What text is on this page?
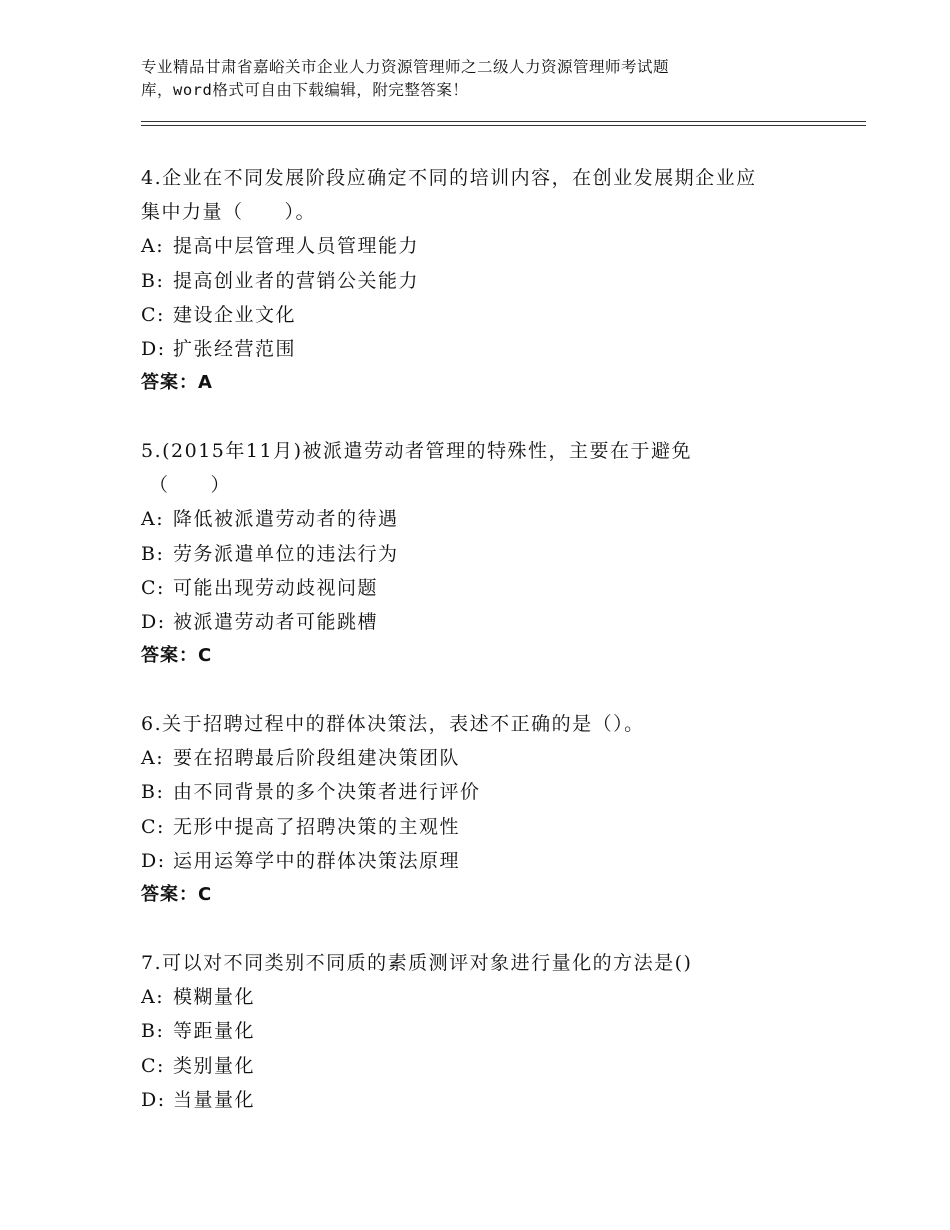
专业精品甘肃省嘉峪关市企业人力资源管理师之二级人力资源管理师考试题
库，word格式可自由下载编辑，附完整答案！
4.企业在不同发展阶段应确定不同的培训内容，在创业发展期企业应
集中力量（　　）。
A: 提高中层管理人员管理能力
B: 提高创业者的营销公关能力
C: 建设企业文化
D: 扩张经营范围
答案：A
5.(2015年11月)被派遣劳动者管理的特殊性，主要在于避免
（　　）
A: 降低被派遣劳动者的待遇
B: 劳务派遣单位的违法行为
C: 可能出现劳动歧视问题
D: 被派遣劳动者可能跳槽
答案：C
6.关于招聘过程中的群体决策法，表述不正确的是（）。
A: 要在招聘最后阶段组建决策团队
B: 由不同背景的多个决策者进行评价
C: 无形中提高了招聘决策的主观性
D: 运用运筹学中的群体决策法原理
答案：C
7.可以对不同类别不同质的素质测评对象进行量化的方法是()
A: 模糊量化
B: 等距量化
C: 类别量化
D: 当量量化
